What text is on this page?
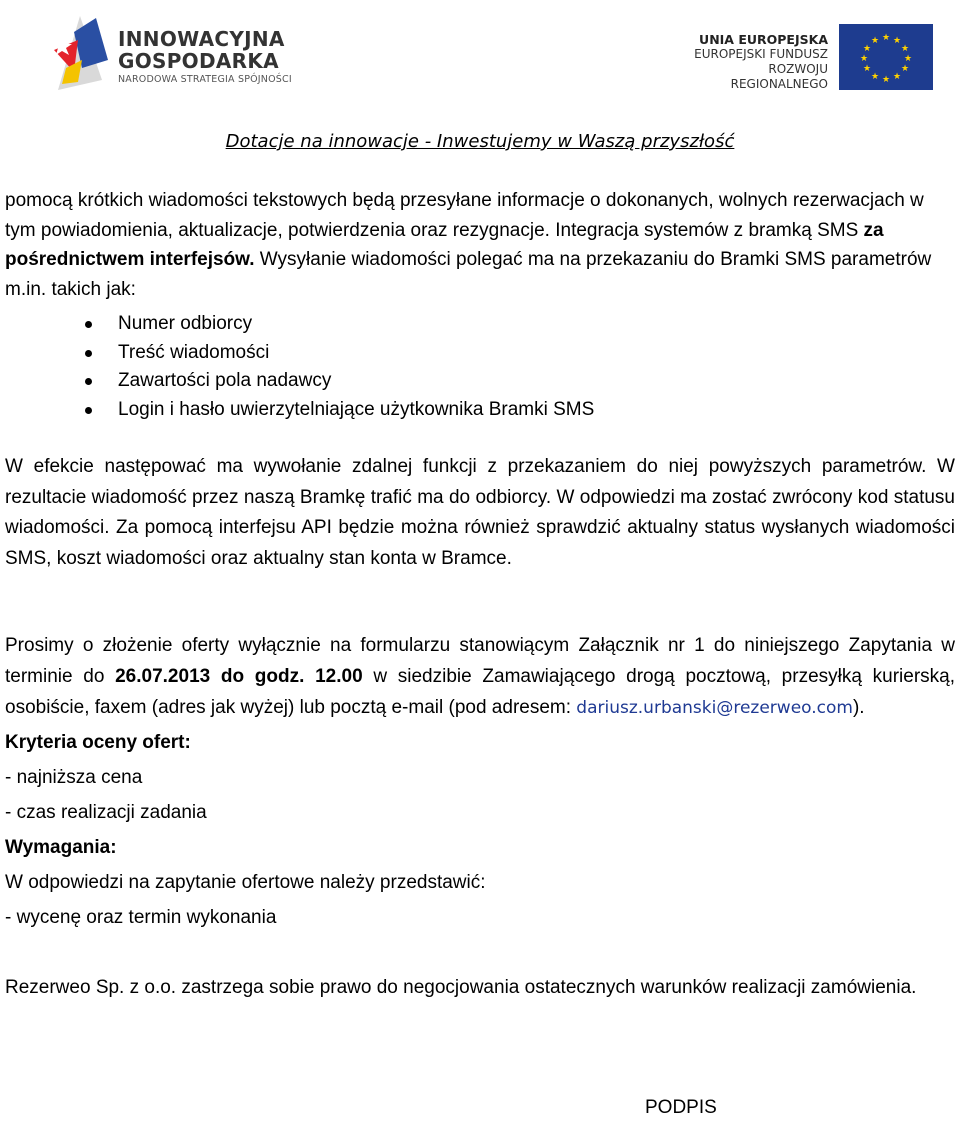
INNOWACYJNA
GOSPODARKA
NARODOWA STRATEGIA SPÓJNOŚCI
UNIA EUROPEJSKA
EUROPEJSKI FUNDUSZ
ROZWOJU REGIONALNEGO
★ ★
★
★
★
★
★
★
★
★
★
★
Dotacje na innowacje - Inwestujemy w Waszą przyszłość

pomocą krótkich wiadomości tekstowych będą przesyłane informacje o dokonanych, wolnych rezerwacjach w tym powiadomienia, aktualizacje, potwierdzenia oraz rezygnacje. Integracja systemów z bramką SMS za pośrednictwem interfejsów. Wysyłanie wiadomości polegać ma na przekazaniu do Bramki SMS parametrów m.in. takich jak:

Numer odbiorcy
Treść wiadomości
Zawartości pola nadawcy
Login i hasło uwierzytelniające użytkownika Bramki SMS

W efekcie następować ma wywołanie zdalnej funkcji z przekazaniem do niej powyższych parametrów. W rezultacie wiadomość przez naszą Bramkę trafić ma do odbiorcy. W odpowiedzi ma zostać zwrócony kod statusu wiadomości. Za pomocą interfejsu API będzie można również sprawdzić aktualny status wysłanych wiadomości SMS, koszt wiadomości oraz aktualny stan konta w Bramce.

Prosimy o złożenie oferty wyłącznie na formularzu stanowiącym Załącznik nr 1 do niniejszego Zapytania w terminie do 26.07.2013 do godz. 12.00 w siedzibie Zamawiającego drogą pocztową, przesyłką kurierską, osobiście, faxem (adres jak wyżej) lub pocztą e-mail (pod adresem: dariusz.urbanski@rezerweo.com).

Kryteria oceny ofert:

- najniższa cena

- czas realizacji zadania

Wymagania:

W odpowiedzi na zapytanie ofertowe należy przedstawić:

- wycenę oraz termin wykonania

Rezerweo Sp. z o.o. zastrzega sobie prawo do negocjowania ostatecznych warunków realizacji zamówienia.

PODPIS
